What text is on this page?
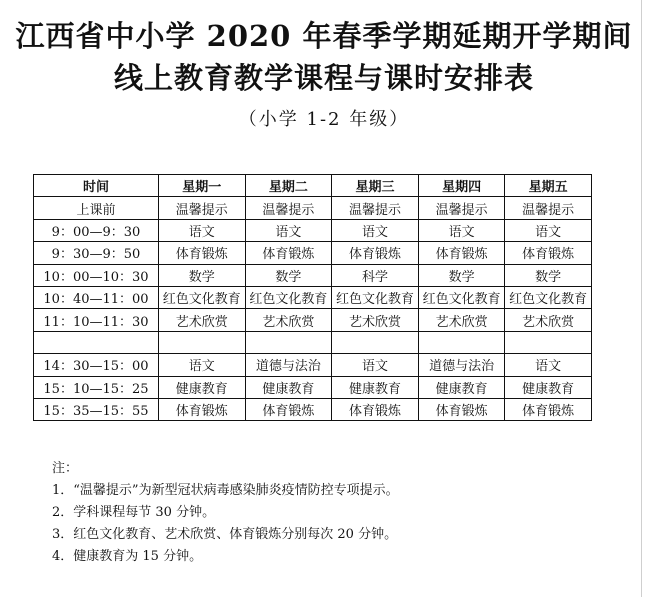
江西省中小学 2020 年春季学期延期开学期间
线上教育教学课程与课时安排表
（小学 1-2 年级）
时间	星期一	星期二	星期三	星期四	星期五
上课前	温馨提示	温馨提示	温馨提示	温馨提示	温馨提示
9：00—9：30	语文	语文	语文	语文	语文
9：30—9：50	体育锻炼	体育锻炼	体育锻炼	体育锻炼	体育锻炼
10：00—10：30	数学	数学	科学	数学	数学
10：40—11：00	红色文化教育	红色文化教育	红色文化教育	红色文化教育	红色文化教育
11：10—11：30	艺术欣赏	艺术欣赏	艺术欣赏	艺术欣赏	艺术欣赏

14：30—15：00	语文	道德与法治	语文	道德与法治	语文
15：10—15：25	健康教育	健康教育	健康教育	健康教育	健康教育
15：35—15：55	体育锻炼	体育锻炼	体育锻炼	体育锻炼	体育锻炼
注：
1．“温馨提示”为新型冠状病毒感染肺炎疫情防控专项提示。
2．学科课程每节 30 分钟。
3．红色文化教育、艺术欣赏、体育锻炼分别每次 20 分钟。
4．健康教育为 15 分钟。
